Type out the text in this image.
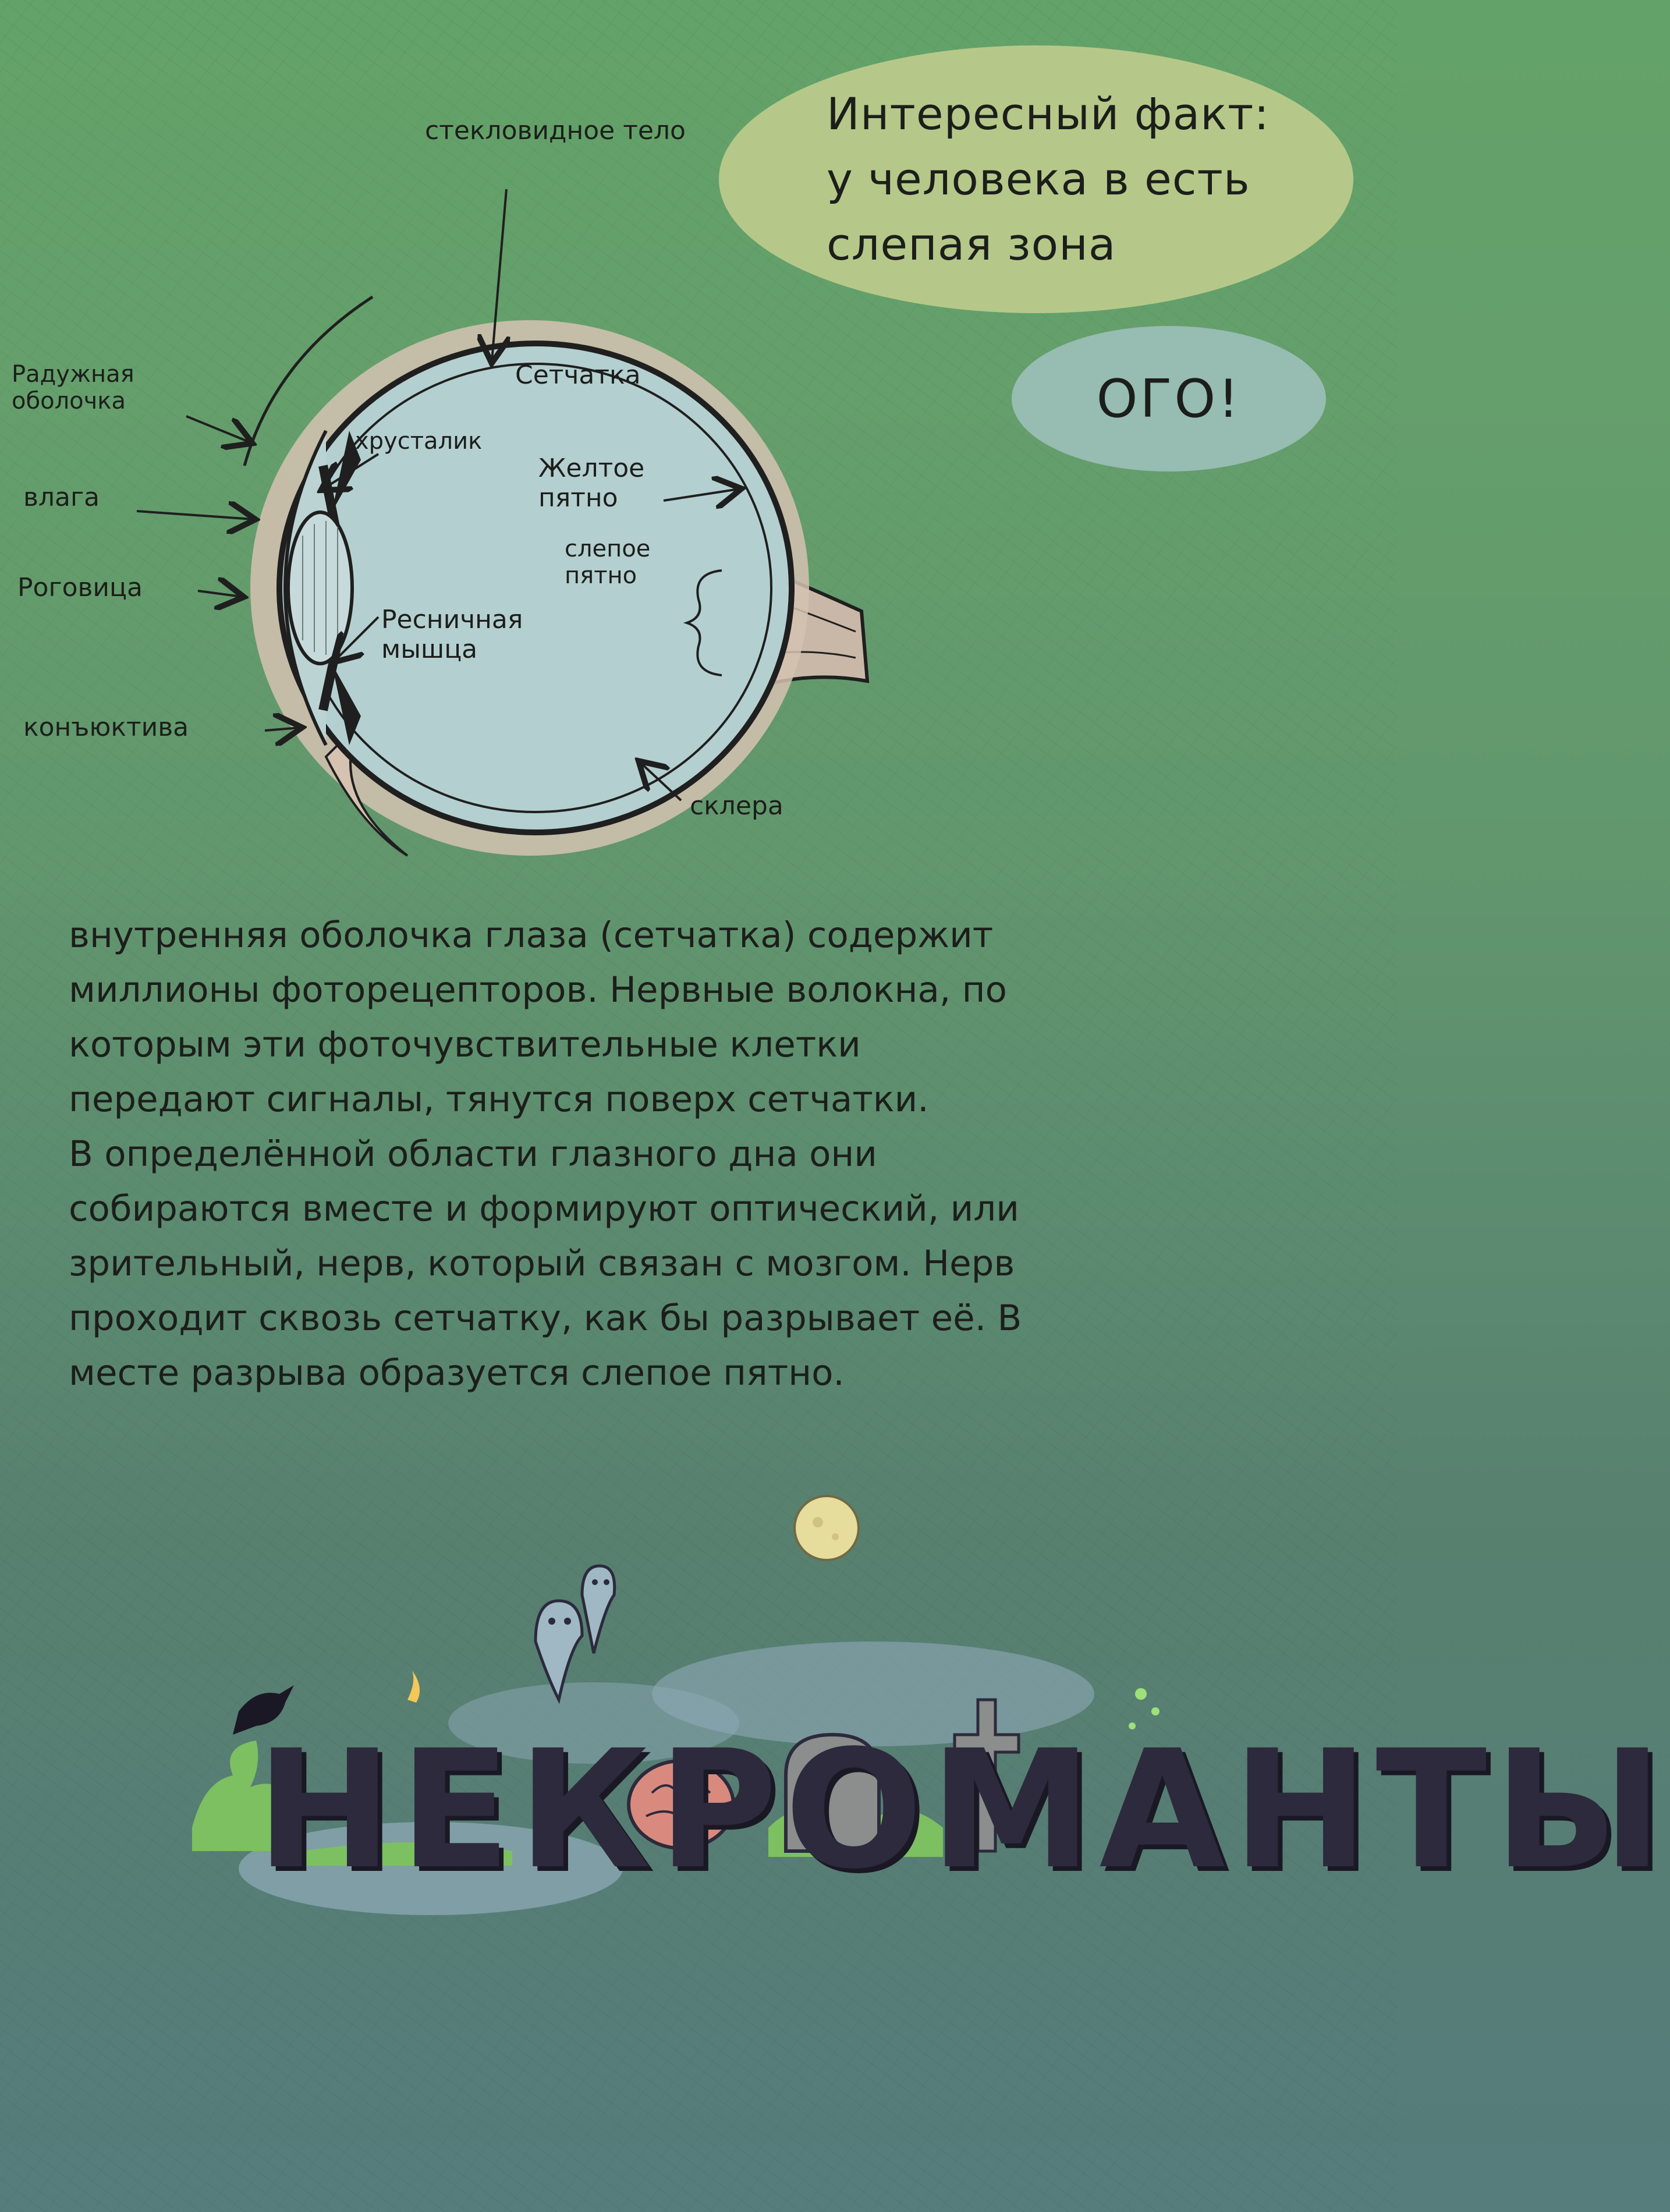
Интересный факт:
у человека в есть
слепая зона
ОГО!
стекловидное тело
Сетчатка
Радужная оболочка
хрусталик
влага
Желтое пятно
слепое пятно
Роговица
Ресничная мышца
конъюктива
склера

внутренняя оболочка глаза (сетчатка) содержит

миллионы фоторецепторов. Нервные волокна, по

которым эти фоточувствительные клетки

передают сигналы, тянутся поверх сетчатки.

В определённой области глазного дна они

собираются вместе и формируют оптический, или

зрительный, нерв, который связан с мозгом. Нерв

проходит сквозь сетчатку, как бы разрывает её. В

месте разрыва образуется слепое пятно.

НЕКРОМАНТЫ
